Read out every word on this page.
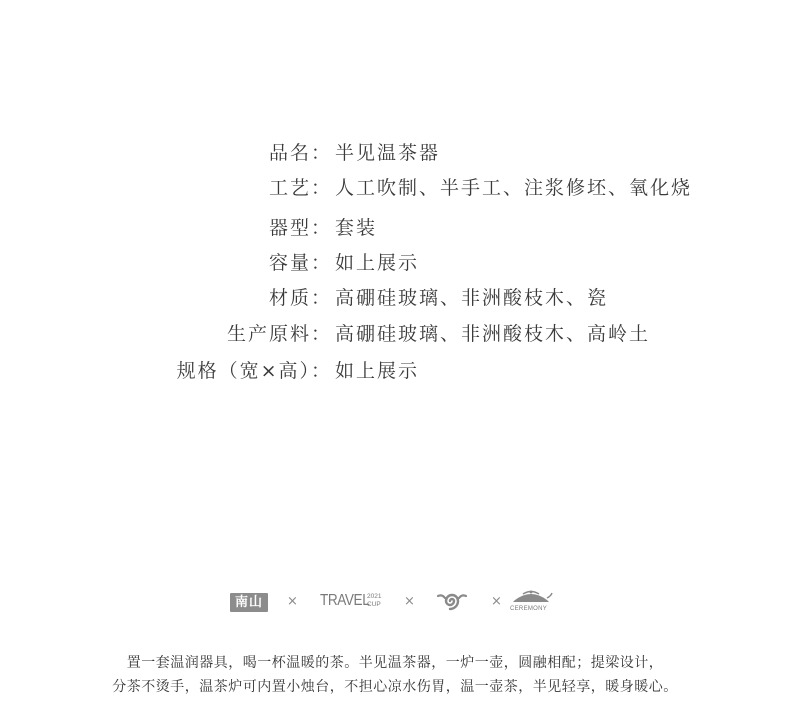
品名： 半见温茶器
工艺： 人工吹制、半手工、注浆修坯、氧化烧
器型： 套装
容量： 如上展示
材质： 高硼硅玻璃、非洲酸枝木、瓷
生产原料： 高硼硅玻璃、非洲酸枝木、高岭土
规格（宽×高）： 如上展示
南山	× TRAVEL
2021
CUP ×	× CEREMONY
置一套温润器具，喝一杯温暖的茶。半见温茶器，一炉一壶，圆融相配；提梁设计，
分茶不烫手，温茶炉可内置小烛台，不担心凉水伤胃，温一壶茶，半见轻享，暖身暖心。
